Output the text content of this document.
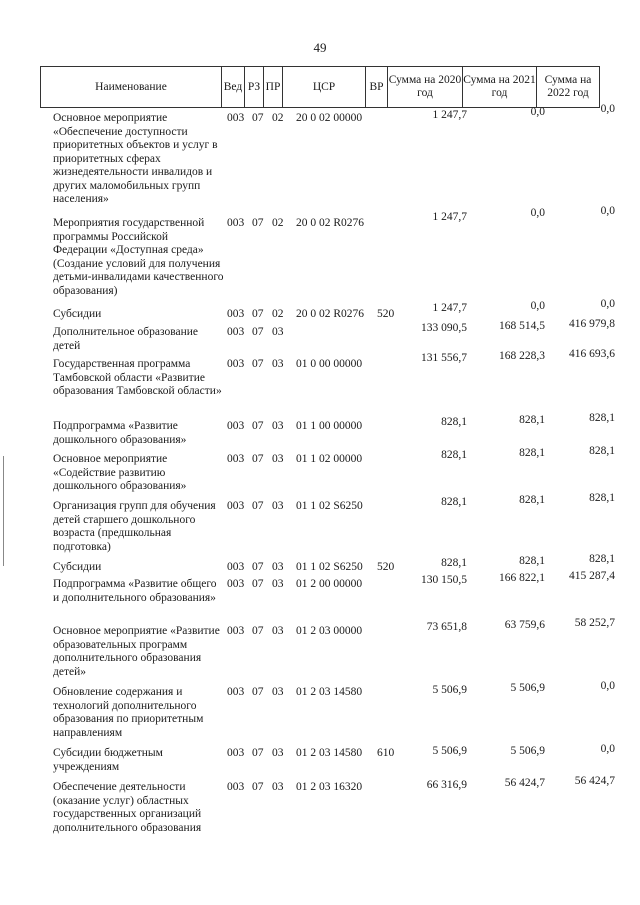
49
Наименование	Вед РЗ ПР	ЦСР	ВР
Сумма на 2020 год
Сумма на 2021 год
Сумма на 2022 год
Основное мероприятие «Обеспечение доступности приоритетных объектов и услуг в приоритетных сферах жизнедеятельности инвалидов и других маломобильных групп населения»
003 07 02 20 0 02 00000	1 247,7	0,0	0,0
Мероприятия государственной программы Российской Федерации «Доступная среда» (Создание условий для получения детьми-инвалидами качественного образования)
003 07 02 20 0 02 R0276	1 247,7	0,0	0,0
Субсидии	003 07 02 20 0 02 R0276 520	1 247,7	0,0	0,0
Дополнительное образование детей
003 07 03	133 090,5	168 514,5	416 979,8
Государственная программа Тамбовской области «Развитие образования Тамбовской области»
003 07 03 01 0 00 00000	131 556,7	168 228,3	416 693,6
Подпрограмма «Развитие дошкольного образования»
003 07 03 01 1 00 00000	828,1	828,1	828,1
Основное мероприятие «Содействие развитию дошкольного образования»
003 07 03 01 1 02 00000	828,1	828,1	828,1
Организация групп для обучения детей старшего дошкольного возраста (предшкольная подготовка)
003 07 03 01 1 02 S6250	828,1	828,1	828,1
Субсидии	003 07 03 01 1 02 S6250 520	828,1	828,1	828,1
Подпрограмма «Развитие общего и дополнительного образования»
003 07 03 01 2 00 00000	130 150,5	166 822,1	415 287,4
Основное мероприятие «Развитие образовательных программ дополнительного образования детей»
003 07 03 01 2 03 00000	73 651,8	63 759,6	58 252,7
Обновление содержания и технологий дополнительного образования по приоритетным направлениям
003 07 03 01 2 03 14580	5 506,9	5 506,9	0,0
Субсидии бюджетным учреждениям
003 07 03 01 2 03 14580 610	5 506,9	5 506,9	0,0
Обеспечение деятельности (оказание услуг) областных государственных организаций дополнительного образования
003 07 03 01 2 03 16320	66 316,9	56 424,7	56 424,7
